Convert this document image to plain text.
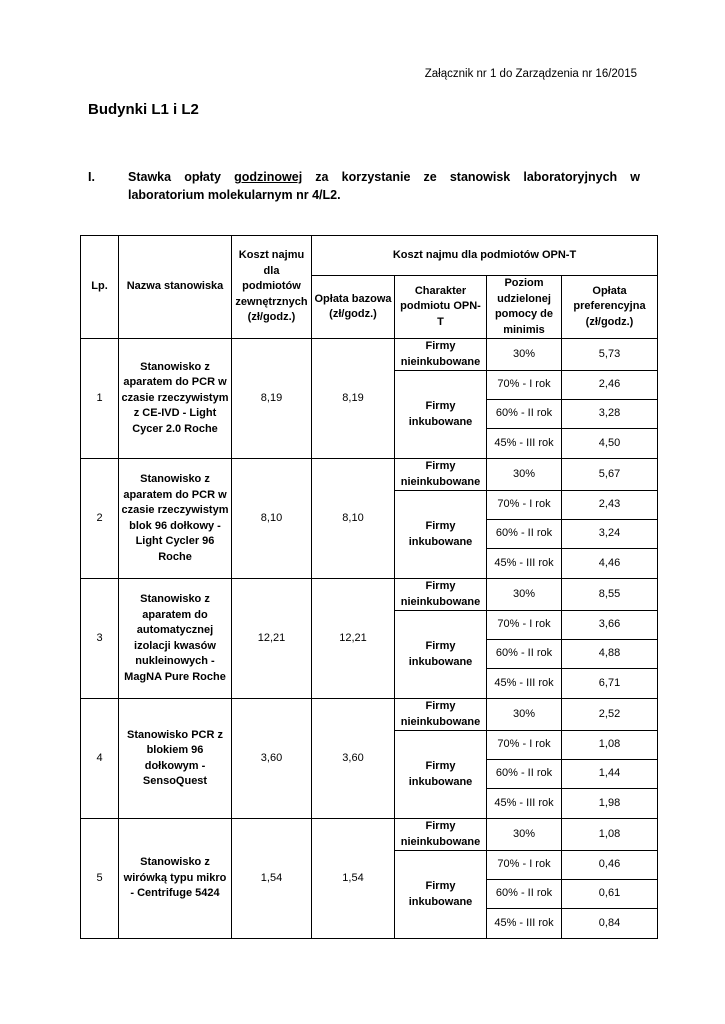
Załącznik nr 1 do Zarządzenia nr 16/2015
Budynki L1 i L2
I.	Stawka opłaty godzinowej za korzystanie ze stanowisk laboratoryjnych w laboratorium molekularnym nr 4/L2.
Lp.	Nazwa stanowiska	Koszt najmu dla podmiotów zewnętrznych (zł/godz.)	Koszt najmu dla podmiotów OPN-T			
			Opłata bazowa (zł/godz.)	Charakter podmiotu OPN-T	Poziom udzielonej pomocy de minimis	Opłata preferencyjna (zł/godz.)
1	Stanowisko z aparatem do PCR w czasie rzeczywistym z CE-IVD - Light Cycer 2.0 Roche	8,19	8,19	Firmy nieinkubowane	30%	5,73
				Firmy inkubowane	70% - I rok	2,46
					60% - II rok	3,28
					45% - III rok	4,50
2	Stanowisko z aparatem do PCR w czasie rzeczywistym blok 96 dołkowy - Light Cycler 96 Roche	8,10	8,10	Firmy nieinkubowane	30%	5,67
				Firmy inkubowane	70% - I rok	2,43
					60% - II rok	3,24
					45% - III rok	4,46
3	Stanowisko z aparatem do automatycznej izolacji kwasów nukleinowych - MagNA Pure Roche	12,21	12,21	Firmy nieinkubowane	30%	8,55
				Firmy inkubowane	70% - I rok	3,66
					60% - II rok	4,88
					45% - III rok	6,71
4	Stanowisko PCR z blokiem 96 dołkowym - SensoQuest	3,60	3,60	Firmy nieinkubowane	30%	2,52
				Firmy inkubowane	70% - I rok	1,08
					60% - II rok	1,44
					45% - III rok	1,98
5	Stanowisko z wirówką typu mikro - Centrifuge 5424	1,54	1,54	Firmy nieinkubowane	30%	1,08
				Firmy inkubowane	70% - I rok	0,46
					60% - II rok	0,61
					45% - III rok	0,84
